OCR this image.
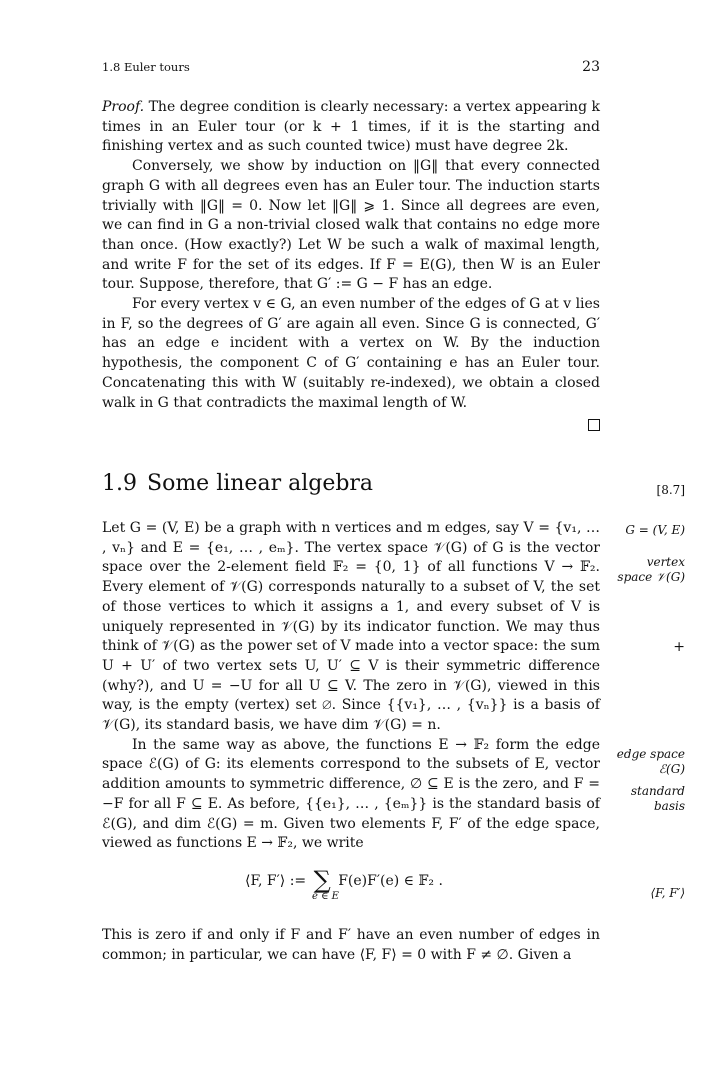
1.8 Euler tours	23

Proof. The degree condition is clearly necessary: a vertex appearing k times in an Euler tour (or k + 1 times, if it is the starting and finishing vertex and as such counted twice) must have degree 2k.

Conversely, we show by induction on ‖G‖ that every connected graph G with all degrees even has an Euler tour. The induction starts trivially with ‖G‖ = 0. Now let ‖G‖ ⩾ 1. Since all degrees are even, we can find in G a non-trivial closed walk that contains no edge more than once. (How exactly?) Let W be such a walk of maximal length, and write F for the set of its edges. If F = E(G), then W is an Euler tour. Suppose, therefore, that G′ := G − F has an edge.

For every vertex v ∈ G, an even number of the edges of G at v lies in F, so the degrees of G′ are again all even. Since G is connected, G′ has an edge e incident with a vertex on W. By the induction hypothesis, the component C of G′ containing e has an Euler tour. Concatenating this with W (suitably re-indexed), we obtain a closed walk in G that contradicts the maximal length of W.

1.9 Some linear algebra	[8.7]

Let G = (V, E) be a graph with n vertices and m edges, say V = {v₁, … , vₙ} and E = {e₁, … , eₘ}. The vertex space 𝒱(G) of G is the vector space over the 2-element field 𝔽₂ = {0, 1} of all functions V → 𝔽₂. Every element of 𝒱(G) corresponds naturally to a subset of V, the set of those vertices to which it assigns a 1, and every subset of V is uniquely represented in 𝒱(G) by its indicator function. We may thus think of 𝒱(G) as the power set of V made into a vector space: the sum U + U′ of two vertex sets U, U′ ⊆ V is their symmetric difference (why?), and U = −U for all U ⊆ V. The zero in 𝒱(G), viewed in this way, is the empty (vertex) set ∅. Since {{v₁}, … , {vₙ}} is a basis of 𝒱(G), its standard basis, we have dim 𝒱(G) = n.

In the same way as above, the functions E → 𝔽₂ form the edge space ℰ(G) of G: its elements correspond to the subsets of E, vector addition amounts to symmetric difference, ∅ ⊆ E is the zero, and F = −F for all F ⊆ E. As before, {{e₁}, … , {eₘ}} is the standard basis of ℰ(G), and dim ℰ(G) = m. Given two elements F, F′ of the edge space, viewed as functions E → 𝔽₂, we write

G = (V, E)
vertex
space 𝒱(G)
+
edge space
ℰ(G)
standard
basis
⟨F, F′⟩
⟨F, F′⟩ := ∑ F(e)F′(e) ∈ 𝔽₂ .
e ∈ E

This is zero if and only if F and F′ have an even number of edges in common; in particular, we can have ⟨F, F⟩ = 0 with F ≠ ∅. Given a
